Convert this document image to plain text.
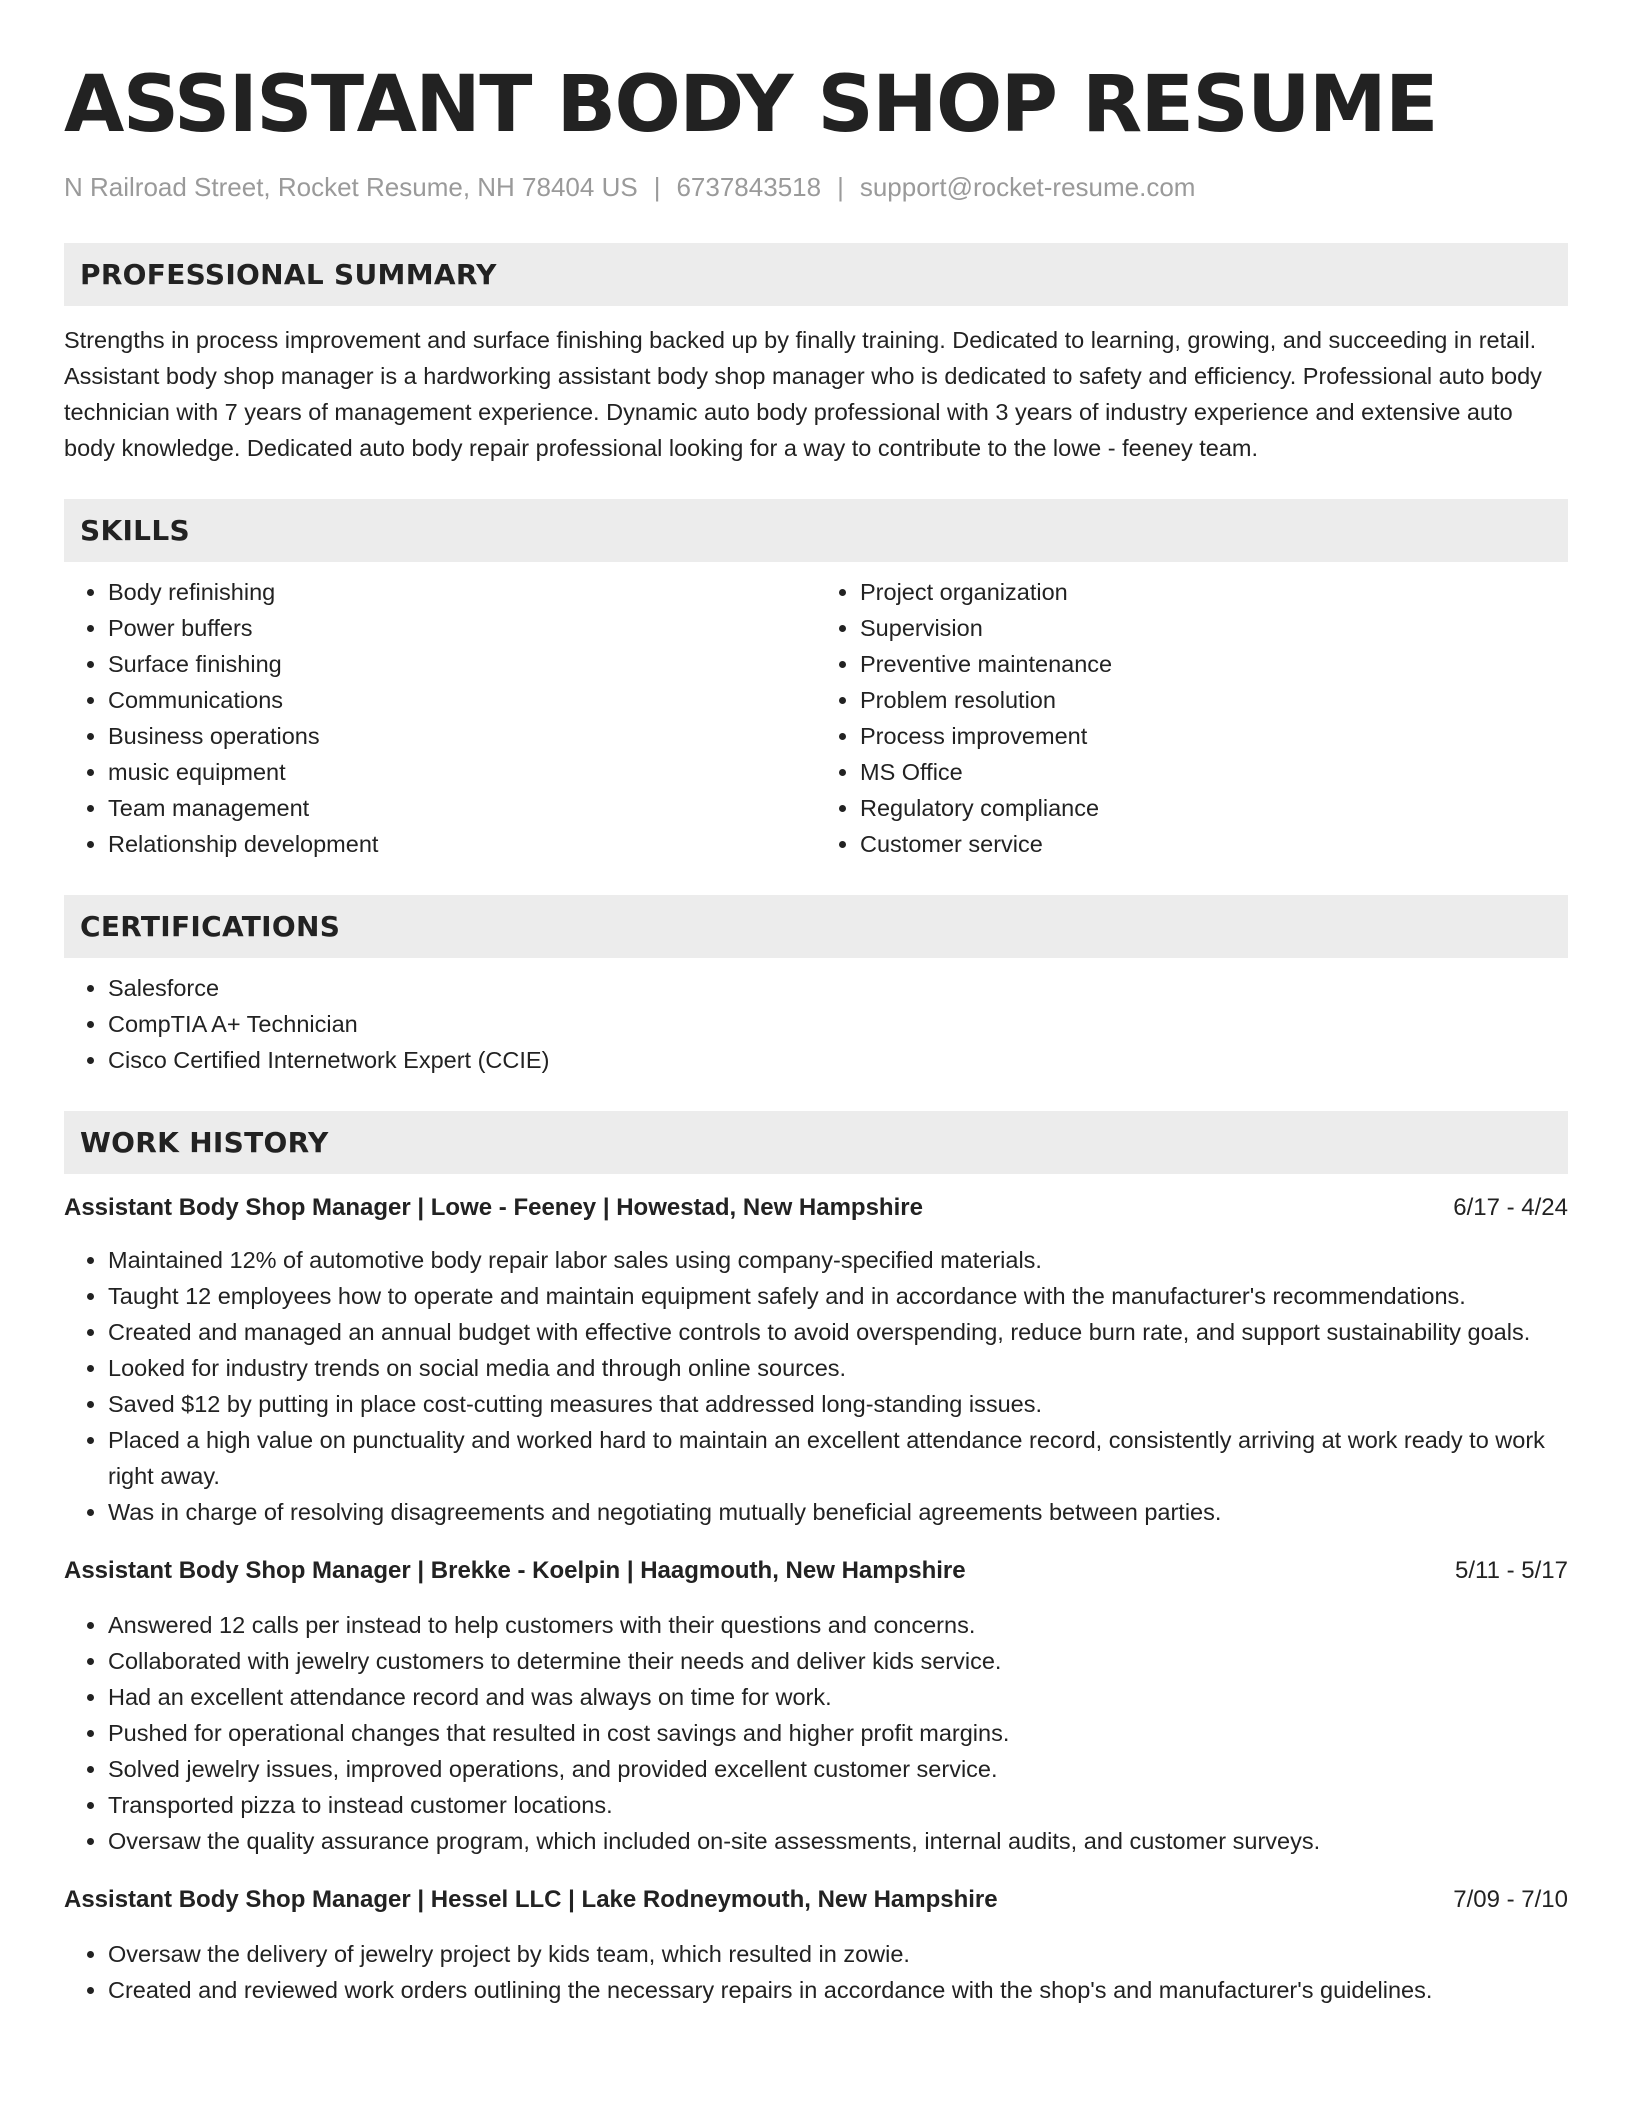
ASSISTANT BODY SHOP RESUME
N Railroad Street, Rocket Resume, NH 78404 US | 6737843518 | support@rocket-resume.com
PROFESSIONAL SUMMARY

Strengths in process improvement and surface finishing backed up by finally training. Dedicated to learning, growing, and succeeding in retail. Assistant body shop manager is a hardworking assistant body shop manager who is dedicated to safety and efficiency. Professional auto body technician with 7 years of management experience. Dynamic auto body professional with 3 years of industry experience and extensive auto body knowledge. Dedicated auto body repair professional looking for a way to contribute to the lowe - feeney team.

SKILLS
• Body refinishing
• Power buffers
• Surface finishing
• Communications
• Business operations
• music equipment
• Team management
• Relationship development
• Project organization
• Supervision
• Preventive maintenance
• Problem resolution
• Process improvement
• MS Office
• Regulatory compliance
• Customer service
CERTIFICATIONS
• Salesforce
• CompTIA A+ Technician
• Cisco Certified Internetwork Expert (CCIE)
WORK HISTORY
Assistant Body Shop Manager | Lowe - Feeney | Howestad, New Hampshire	6/17 - 4/24
• Maintained 12% of automotive body repair labor sales using company-specified materials.
• Taught 12 employees how to operate and maintain equipment safely and in accordance with the manufacturer's recommendations.
• Created and managed an annual budget with effective controls to avoid overspending, reduce burn rate, and support sustainability goals.
• Looked for industry trends on social media and through online sources.
• Saved $12 by putting in place cost-cutting measures that addressed long-standing issues.
• Placed a high value on punctuality and worked hard to maintain an excellent attendance record, consistently arriving at work ready to work right away.
• Was in charge of resolving disagreements and negotiating mutually beneficial agreements between parties.
Assistant Body Shop Manager | Brekke - Koelpin | Haagmouth, New Hampshire	5/11 - 5/17
• Answered 12 calls per instead to help customers with their questions and concerns.
• Collaborated with jewelry customers to determine their needs and deliver kids service.
• Had an excellent attendance record and was always on time for work.
• Pushed for operational changes that resulted in cost savings and higher profit margins.
• Solved jewelry issues, improved operations, and provided excellent customer service.
• Transported pizza to instead customer locations.
• Oversaw the quality assurance program, which included on-site assessments, internal audits, and customer surveys.
Assistant Body Shop Manager | Hessel LLC | Lake Rodneymouth, New Hampshire	7/09 - 7/10
• Oversaw the delivery of jewelry project by kids team, which resulted in zowie.
• Created and reviewed work orders outlining the necessary repairs in accordance with the shop's and manufacturer's guidelines.
